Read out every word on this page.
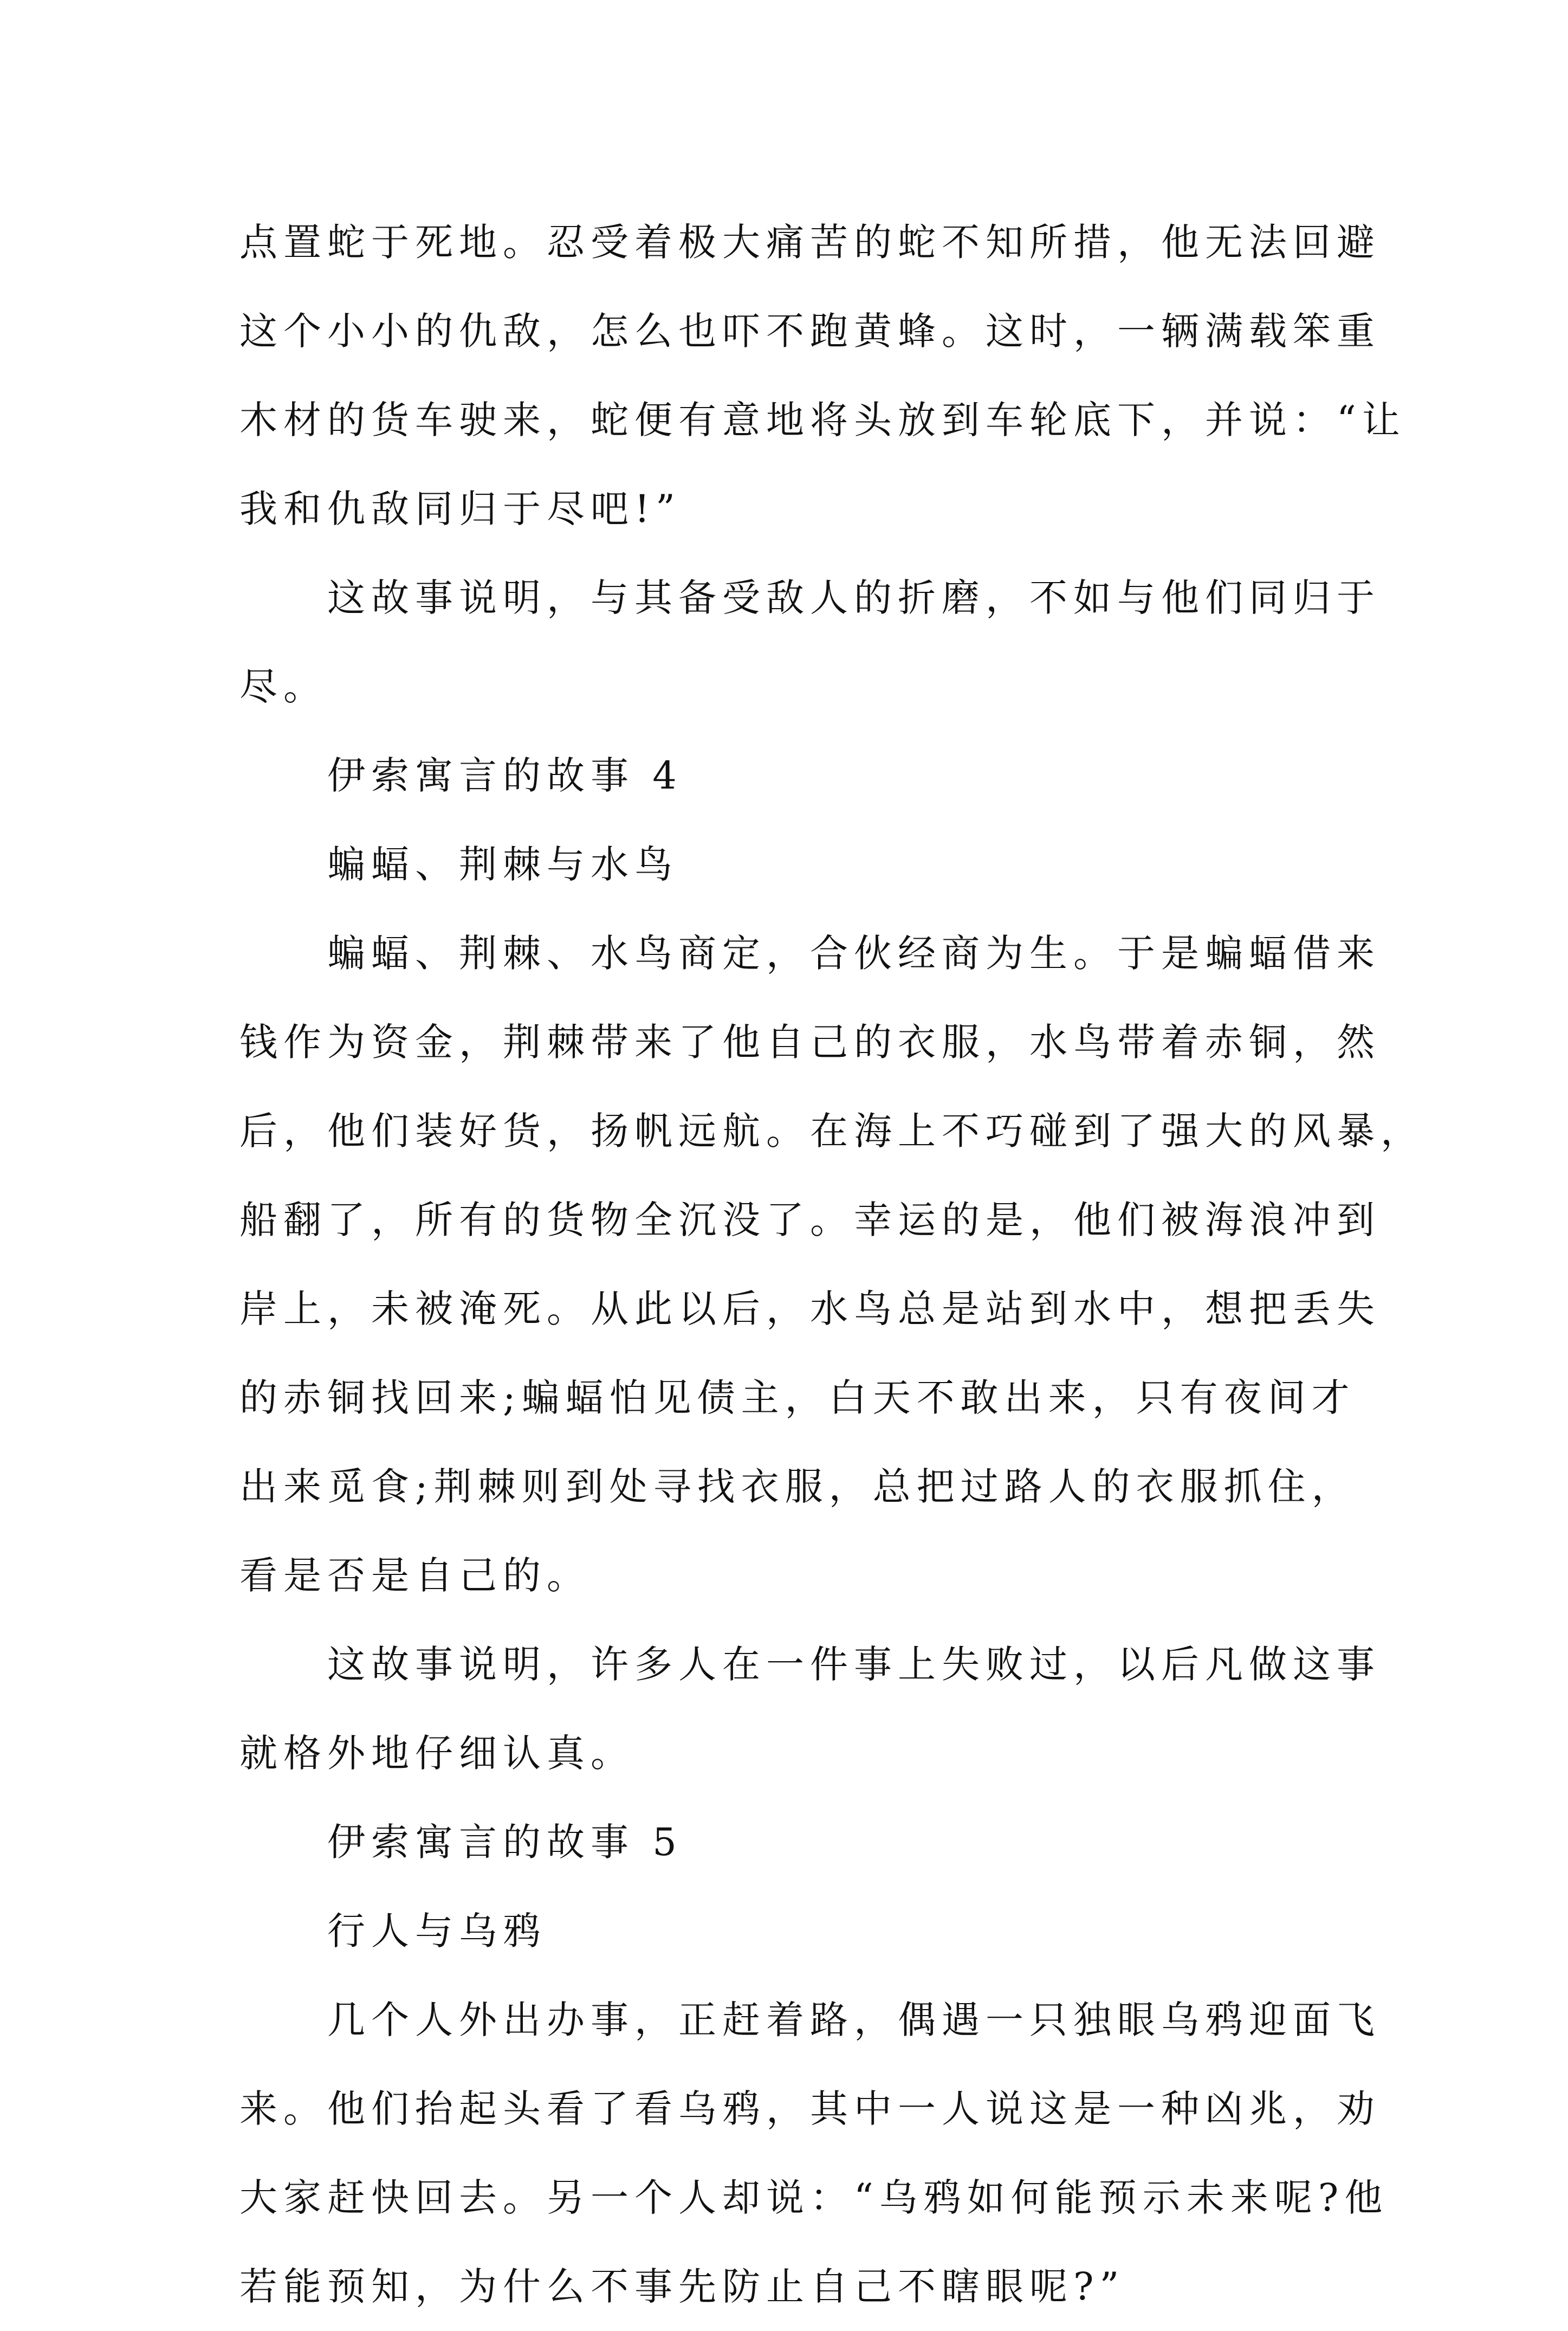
点置蛇于死地。忍受着极大痛苦的蛇不知所措，他无法回避
这个小小的仇敌，怎么也吓不跑黄蜂。这时，一辆满载笨重
木材的货车驶来，蛇便有意地将头放到车轮底下，并说：“让
我和仇敌同归于尽吧!”
这故事说明，与其备受敌人的折磨，不如与他们同归于
尽。
伊索寓言的故事 4
蝙蝠、荆棘与水鸟
蝙蝠、荆棘、水鸟商定，合伙经商为生。于是蝙蝠借来
钱作为资金，荆棘带来了他自己的衣服，水鸟带着赤铜，然
后，他们装好货，扬帆远航。在海上不巧碰到了强大的风暴，
船翻了，所有的货物全沉没了。幸运的是，他们被海浪冲到
岸上，未被淹死。从此以后，水鸟总是站到水中，想把丢失
的赤铜找回来;蝙蝠怕见债主，白天不敢出来，只有夜间才
出来觅食;荆棘则到处寻找衣服，总把过路人的衣服抓住，
看是否是自己的。
这故事说明，许多人在一件事上失败过，以后凡做这事
就格外地仔细认真。
伊索寓言的故事 5
行人与乌鸦
几个人外出办事，正赶着路，偶遇一只独眼乌鸦迎面飞
来。他们抬起头看了看乌鸦，其中一人说这是一种凶兆，劝
大家赶快回去。另一个人却说：“乌鸦如何能预示未来呢?他
若能预知，为什么不事先防止自己不瞎眼呢?”
